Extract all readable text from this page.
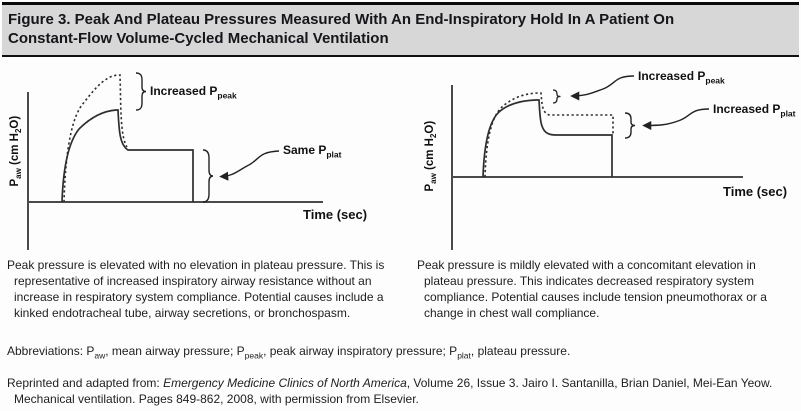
Figure 3. Peak And Plateau Pressures Measured With An End-Inspiratory Hold In A Patient On
Constant-Flow Volume-Cycled Mechanical Ventilation
$P_{aw}$ (cm $H_2O$)
Increased $P_{peak}$
Same $P_{plat}$
Time (sec)
$P_{aw}$ (cm $H_2O$)
Increased $P_{peak}$
Increased $P_{plat}$
Time (sec)
Peak pressure is elevated with no elevation in plateau pressure. This is representative of increased inspiratory airway resistance without an increase in respiratory system compliance. Potential causes include a kinked endotracheal tube, airway secretions, or bronchospasm.
Peak pressure is mildly elevated with a concomitant elevation in plateau pressure. This indicates decreased respiratory system compliance. Potential causes include tension pneumothorax or a change in chest wall compliance.
Abbreviations: $P_{aw}$, mean airway pressure; $P_{peak}$, peak airway inspiratory pressure; $P_{plat}$, plateau pressure.
Reprinted and adapted from: Emergency Medicine Clinics of North America, Volume 26, Issue 3. Jairo I. Santanilla, Brian Daniel, Mei-Ean Yeow. Mechanical ventilation. Pages 849-862, 2008, with permission from Elsevier.
